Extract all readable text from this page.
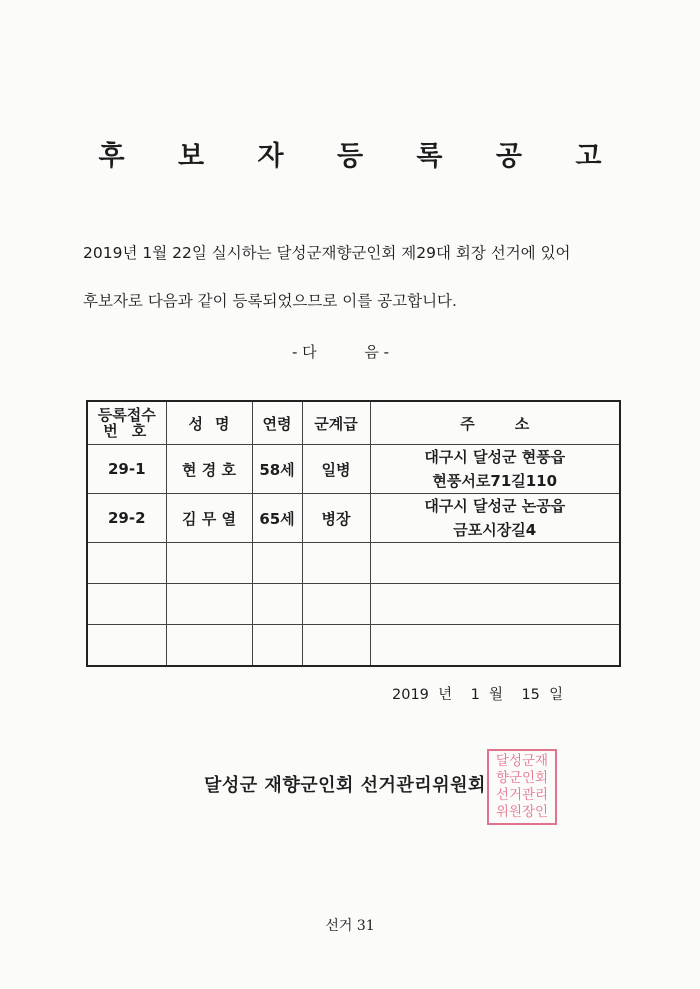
후 보 자 등 록 공 고
2019년 1월 22일 실시하는 달성군재향군인회 제29대 회장 선거에 있어
후보자로 다음과 같이 등록되었으므로 이를 공고합니다.
- 다          음 -
등록접수
번호	성명	연령	군계급	주소
29-1	현 경 호	58세	일병	대구시 달성군 현풍읍
현풍서로71길110

29-2	김 무 열	65세	병장	대구시 달성군 논공읍
금포시장길4

2019  년    1  월    15  일
달성군 재향군인회 선거관리위원회
달성군재
향군인회
선거관리
위원장인
선거 31
